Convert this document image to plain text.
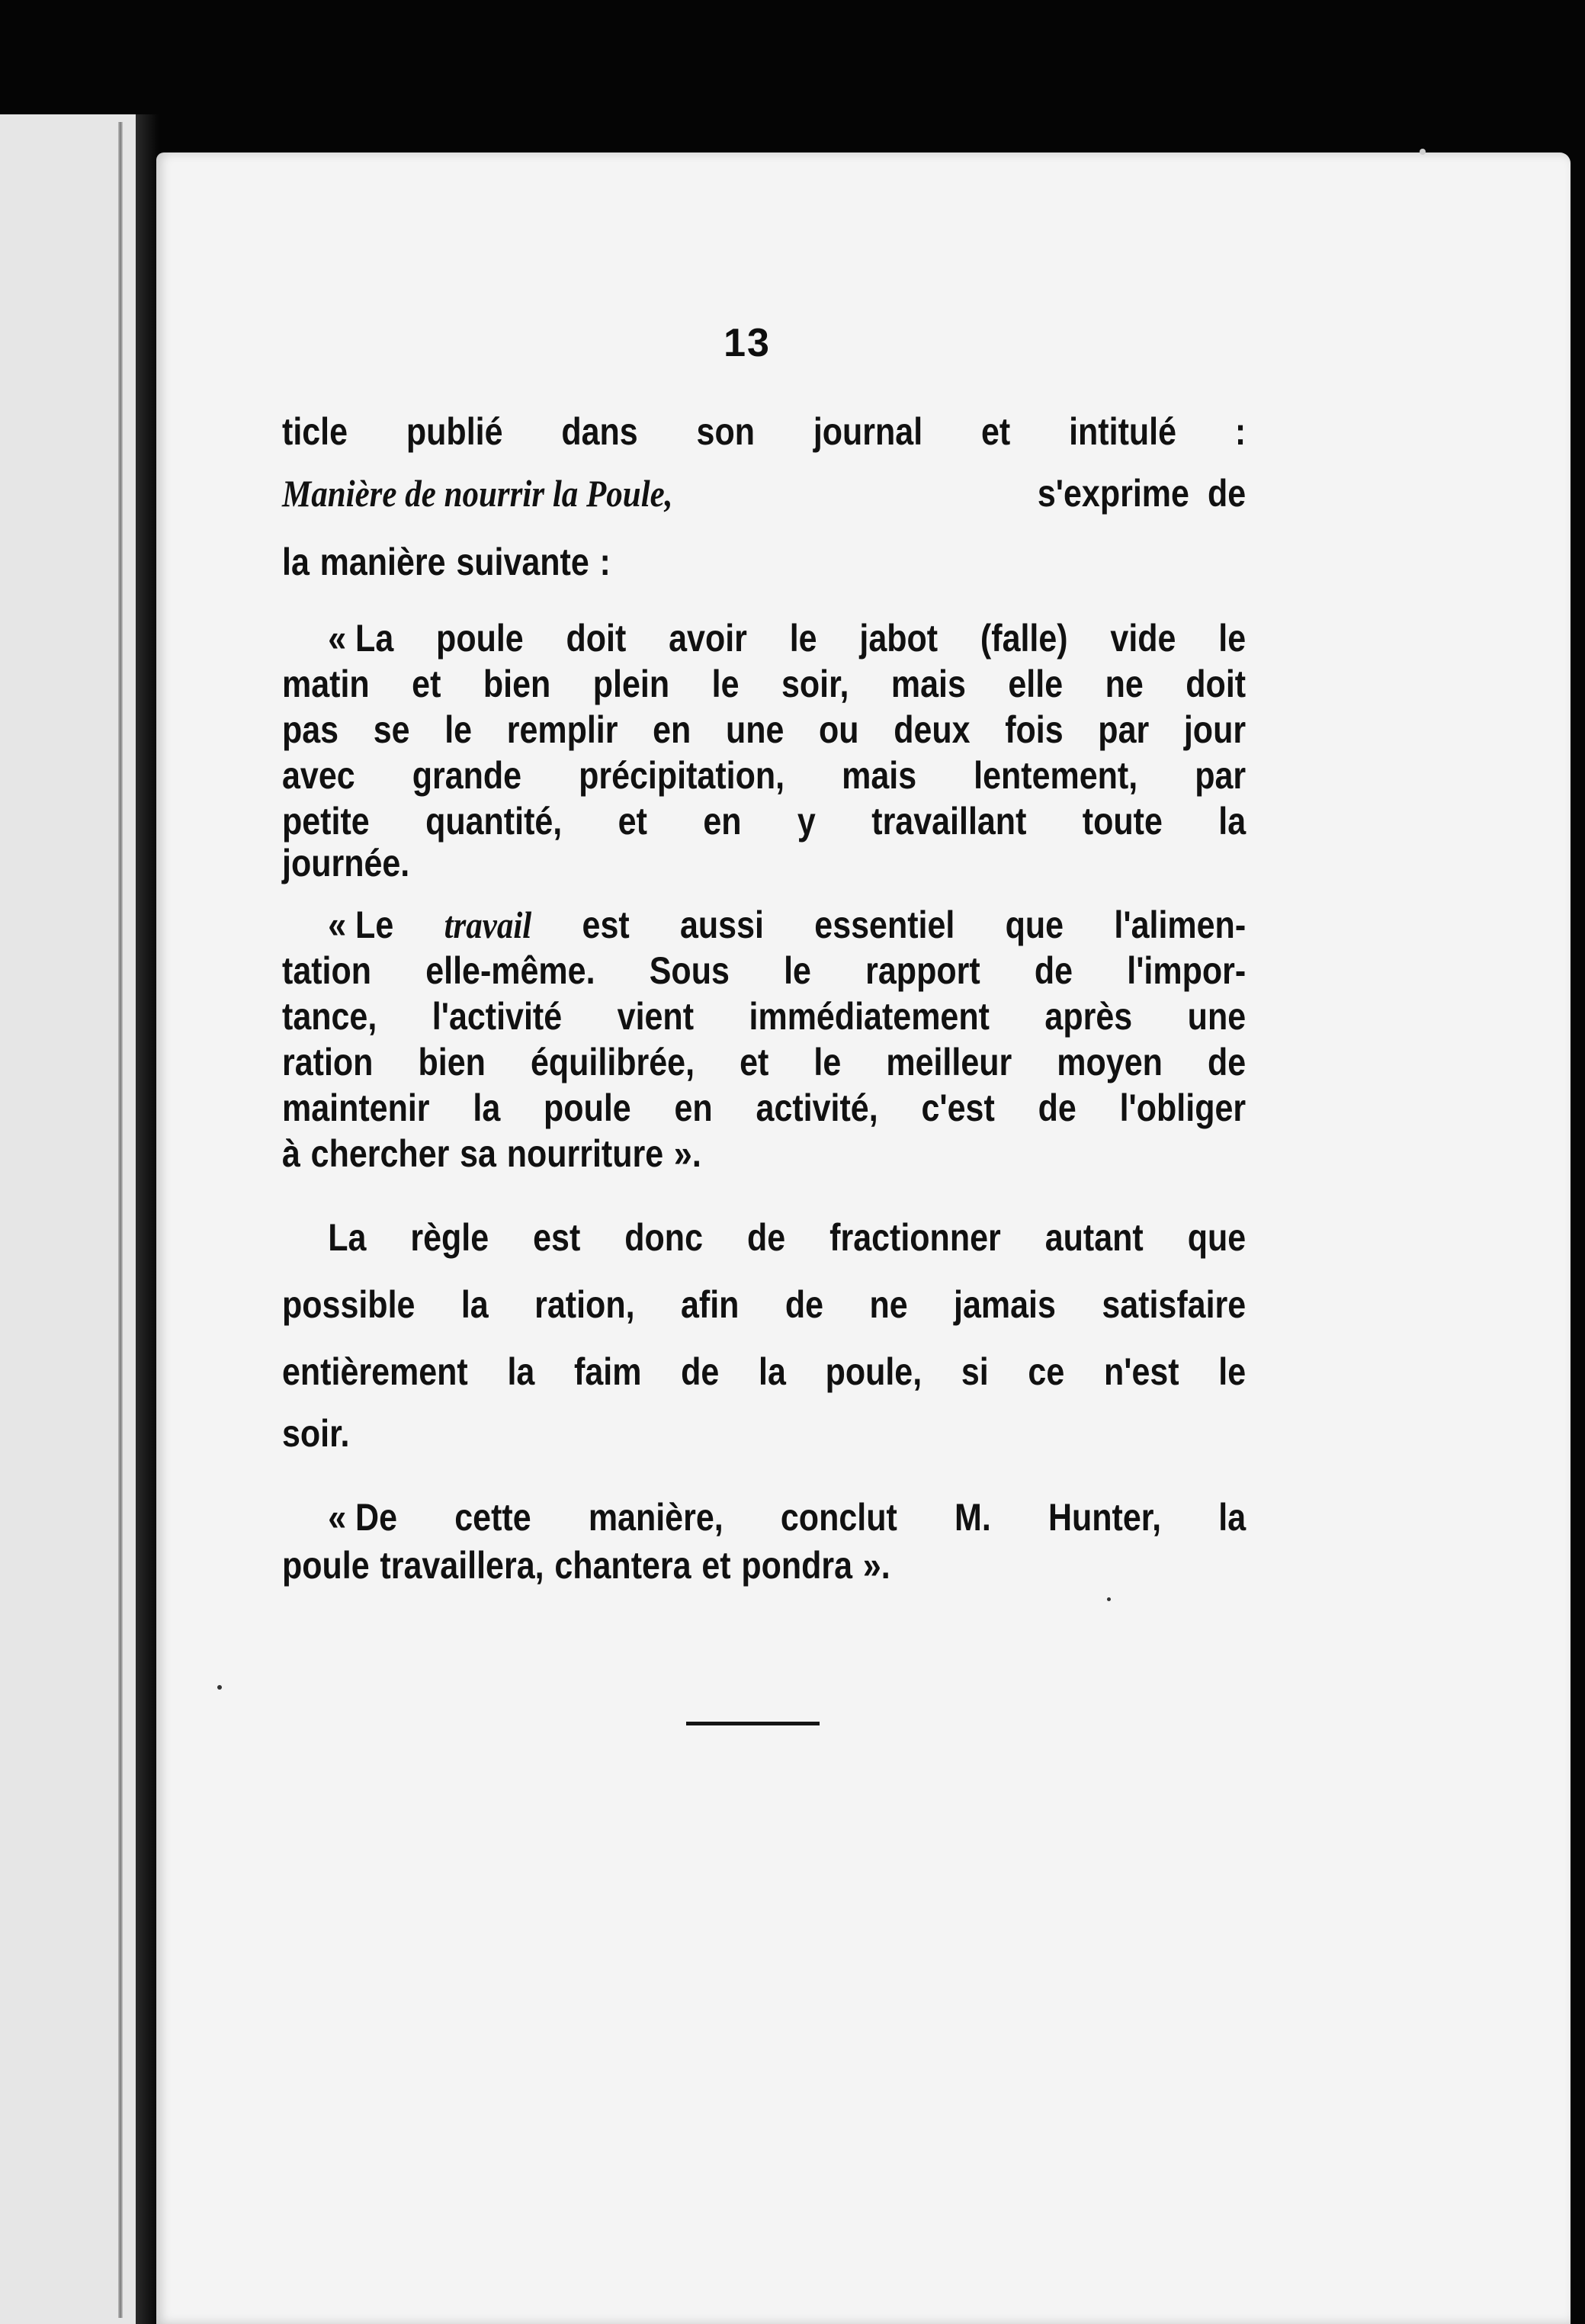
13
ticle publié dans son journal et intitulé :
Manière de nourrir la Poule,	s'exprime de
la manière suivante :
« La poule doit avoir le jabot (falle) vide le
matin et bien plein le soir, mais elle ne doit
pas se le remplir en une ou deux fois par jour
avec grande précipitation, mais lentement, par
petite quantité, et en y travaillant toute la
journée.
« Le travail est aussi essentiel que l'alimen-
tation elle-même. Sous le rapport de l'impor-
tance, l'activité vient immédiatement après une
ration bien équilibrée, et le meilleur moyen de
maintenir la poule en activité, c'est de l'obliger
à chercher sa nourriture ».
La règle est donc de fractionner autant que
possible la ration, afin de ne jamais satisfaire
entièrement la faim de la poule, si ce n'est le
soir.
« De cette manière, conclut M. Hunter, la
poule travaillera, chantera et pondra ».
